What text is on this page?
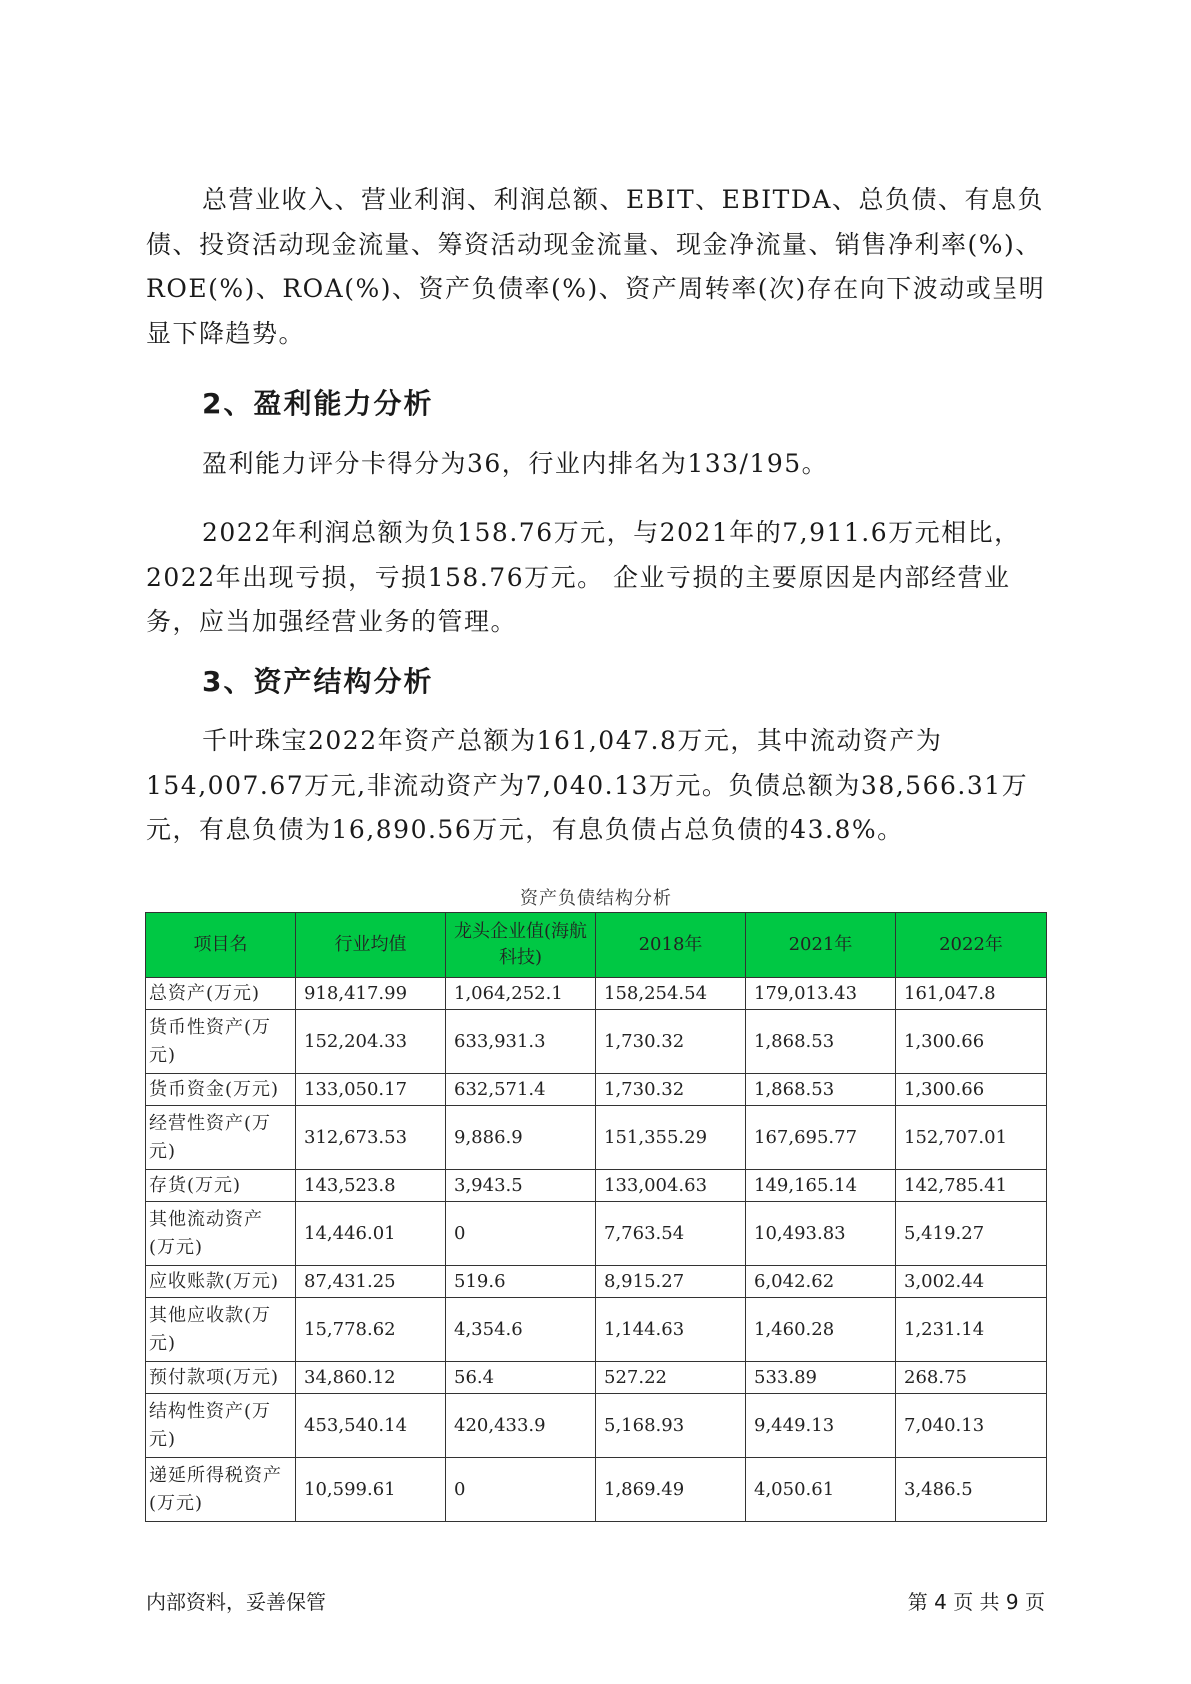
总营业收入、营业利润、利润总额、EBIT、EBITDA、总负债、有息负债、投资活动现金流量、筹资活动现金流量、现金净流量、销售净利率(%)、ROE(%)、ROA(%)、资产负债率(%)、资产周转率(次)存在向下波动或呈明显下降趋势。

2、盈利能力分析

盈利能力评分卡得分为36，行业内排名为133/195。

2022年利润总额为负158.76万元，与2021年的7,911.6万元相比，2022年出现亏损，亏损158.76万元。 企业亏损的主要原因是内部经营业务，应当加强经营业务的管理。

3、资产结构分析

千叶珠宝2022年资产总额为161,047.8万元，其中流动资产为154,007.67万元,非流动资产为7,040.13万元。负债总额为38,566.31万元，有息负债为16,890.56万元，有息负债占总负债的43.8%。

资产负债结构分析
项目名	行业均值	龙头企业值(海航科技)	2018年	2021年	2022年
总资产(万元)	918,417.99	1,064,252.1	158,254.54	179,013.43	161,047.8
货币性资产(万元)	152,204.33	633,931.3	1,730.32	1,868.53	1,300.66
货币资金(万元)	133,050.17	632,571.4	1,730.32	1,868.53	1,300.66
经营性资产(万元)	312,673.53	9,886.9	151,355.29	167,695.77	152,707.01
存货(万元)	143,523.8	3,943.5	133,004.63	149,165.14	142,785.41
其他流动资产(万元)	14,446.01	0	7,763.54	10,493.83	5,419.27
应收账款(万元)	87,431.25	519.6	8,915.27	6,042.62	3,002.44
其他应收款(万元)	15,778.62	4,354.6	1,144.63	1,460.28	1,231.14
预付款项(万元)	34,860.12	56.4	527.22	533.89	268.75
结构性资产(万元)	453,540.14	420,433.9	5,168.93	9,449.13	7,040.13
递延所得税资产(万元)	10,599.61	0	1,869.49	4,050.61	3,486.5
内部资料，妥善保管	第 4 页 共 9 页
